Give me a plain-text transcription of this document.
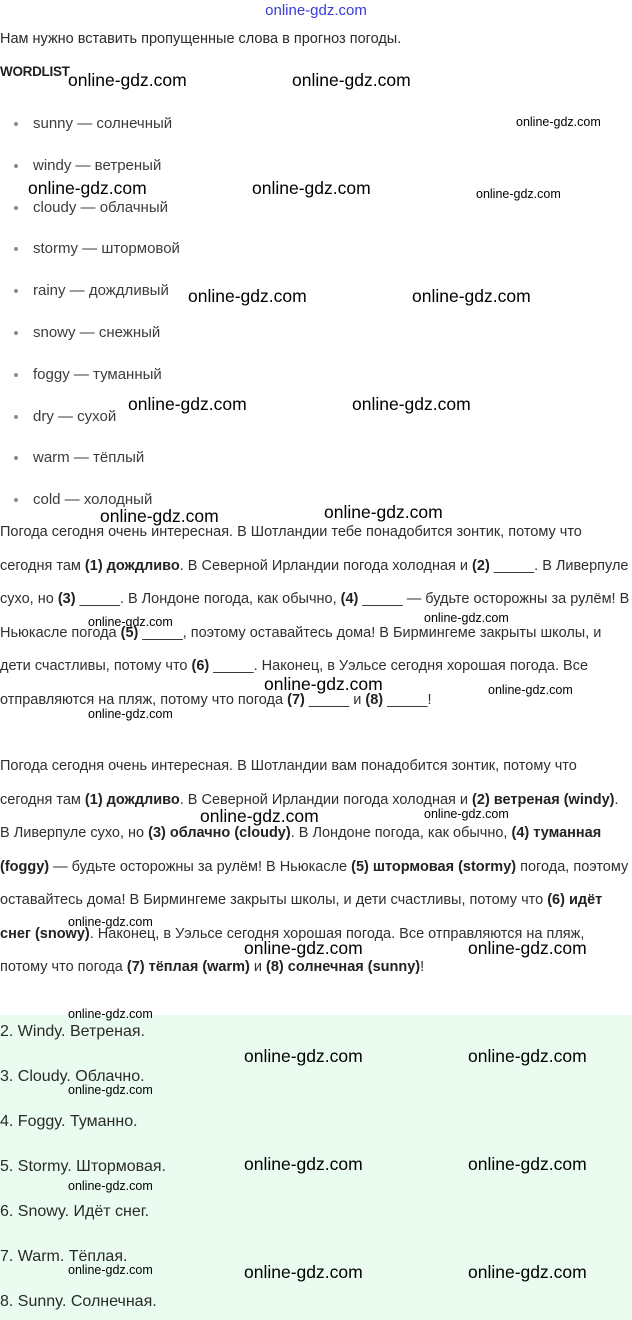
online-gdz.com
Нам нужно вставить пропущенные слова в прогноз погоды.
WORDLIST
sunny — солнечный
windy — ветреный
cloudy — облачный
stormy — штормовой
rainy — дождливый
snowy — снежный
foggy — туманный
dry — сухой
warm — тёплый
cold — холодный
Погода сегодня очень интересная. В Шотландии тебе понадобится зонтик, потому что сегодня там (1) дождливо. В Северной Ирландии погода холодная и (2) _____. В Ливерпуле сухо, но (3) _____. В Лондоне погода, как обычно, (4) _____ — будьте осторожны за рулём! В Ньюкасле погода (5) _____, поэтому оставайтесь дома! В Бирмингеме закрыты школы, и дети счастливы, потому что (6) _____. Наконец, в Уэльсе сегодня хорошая погода. Все отправляются на пляж, потому что погода (7) _____ и (8) _____!
Погода сегодня очень интересная. В Шотландии вам понадобится зонтик, потому что сегодня там (1) дождливо. В Северной Ирландии погода холодная и (2) ветреная (windy). В Ливерпуле сухо, но (3) облачно (cloudy). В Лондоне погода, как обычно, (4) туманная (foggy) — будьте осторожны за рулём! В Ньюкасле (5) штормовая (stormy) погода, поэтому оставайтесь дома! В Бирмингеме закрыты школы, и дети счастливы, потому что (6) идёт снег (snowy). Наконец, в Уэльсе сегодня хорошая погода. Все отправляются на пляж, потому что погода (7) тёплая (warm) и (8) солнечная (sunny)!
2. Windy. Ветреная.
3. Cloudy. Облачно.
4. Foggy. Туманно.
5. Stormy. Штормовая.
6. Snowy. Идёт снег.
7. Warm. Тёплая.
8. Sunny. Солнечная.
online-gdz.com	online-gdz.com
online-gdz.com
online-gdz.com	online-gdz.com	online-gdz.com
online-gdz.com	online-gdz.com
online-gdz.com	online-gdz.com
online-gdz.com
online-gdz.com
online-gdz.com	online-gdz.com
online-gdz.com	online-gdz.com
online-gdz.com
online-gdz.com
online-gdz.com
online-gdz.com
online-gdz.com	online-gdz.com
online-gdz.com
online-gdz.com	online-gdz.com
online-gdz.com
online-gdz.com	online-gdz.com
online-gdz.com
online-gdz.com	online-gdz.com	online-gdz.com
